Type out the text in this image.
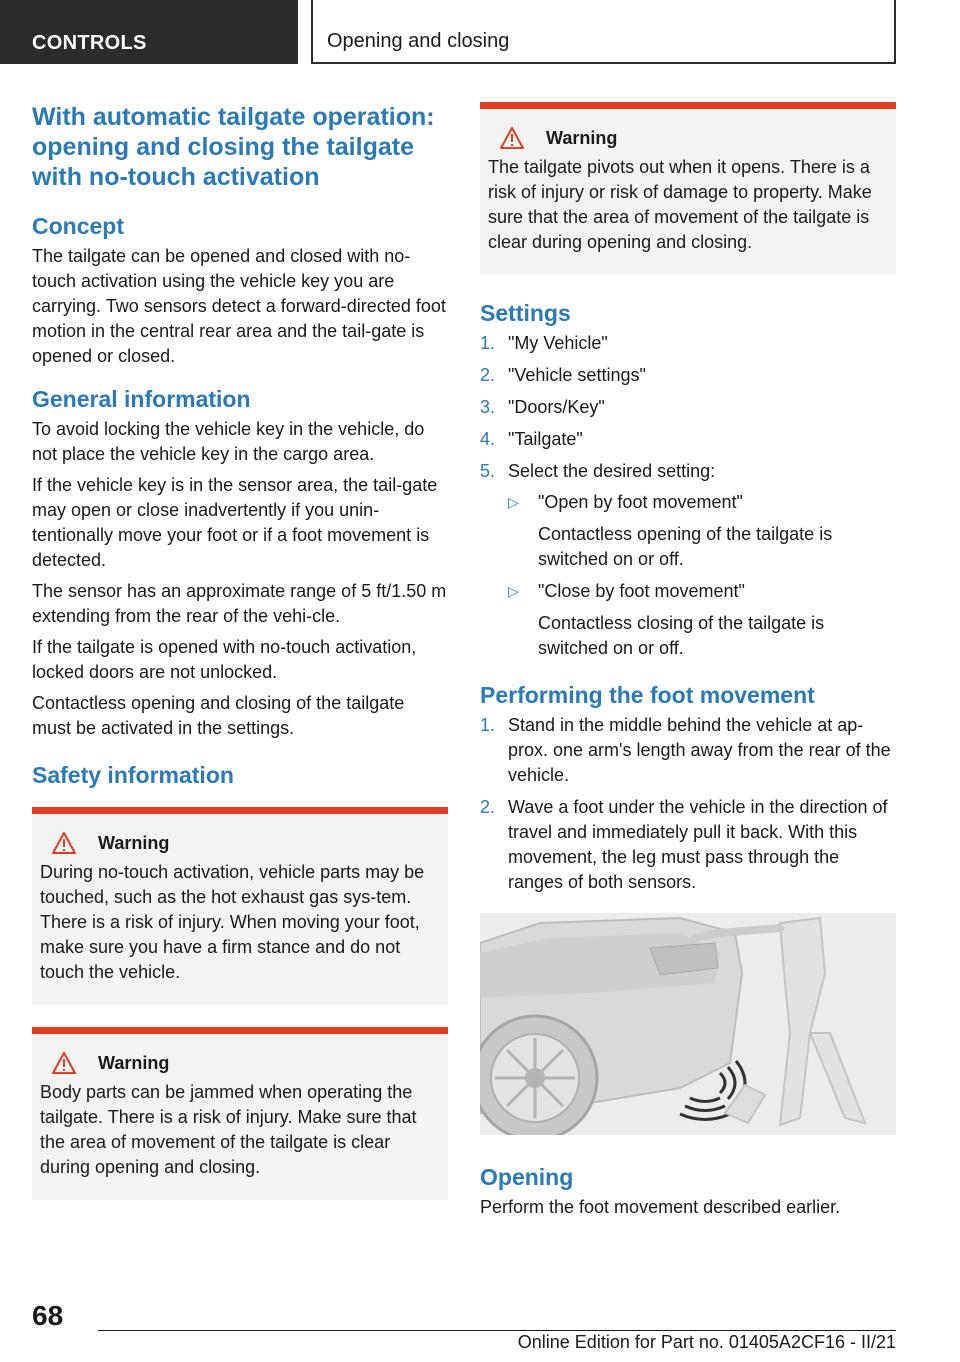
CONTROLS	Opening and closing
With automatic tailgate operation: opening and closing the tailgate with no-touch activation
Concept

The tailgate can be opened and closed with no-touch activation using the vehicle key you are carrying. Two sensors detect a forward-directed foot motion in the central rear area and the tail-gate is opened or closed.

General information

To avoid locking the vehicle key in the vehicle, do not place the vehicle key in the cargo area.

If the vehicle key is in the sensor area, the tail-gate may open or close inadvertently if you unin-tentionally move your foot or if a foot movement is detected.

The sensor has an approximate range of 5 ft/1.50 m extending from the rear of the vehi-cle.

If the tailgate is opened with no-touch activation, locked doors are not unlocked.

Contactless opening and closing of the tailgate must be activated in the settings.

Safety information
Warning

During no-touch activation, vehicle parts may be touched, such as the hot exhaust gas sys-tem. There is a risk of injury. When moving your foot, make sure you have a firm stance and do not touch the vehicle.

Warning

Body parts can be jammed when operating the tailgate. There is a risk of injury. Make sure that the area of movement of the tailgate is clear during opening and closing.

Warning

The tailgate pivots out when it opens. There is a risk of injury or risk of damage to property. Make sure that the area of movement of the tailgate is clear during opening and closing.

Settings
1. "My Vehicle"
2. "Vehicle settings"
3. "Doors/Key"
4. "Tailgate"
5. Select the desired setting:
▷ "Open by foot movement"
Contactless opening of the tailgate is switched on or off.
▷ "Close by foot movement"
Contactless closing of the tailgate is switched on or off.
Performing the foot movement
1. Stand in the middle behind the vehicle at ap-prox. one arm's length away from the rear of the vehicle.
2. Wave a foot under the vehicle in the direction of travel and immediately pull it back. With this movement, the leg must pass through the ranges of both sensors.
Opening

Perform the foot movement described earlier.

68
Online Edition for Part no. 01405A2CF16 - II/21
